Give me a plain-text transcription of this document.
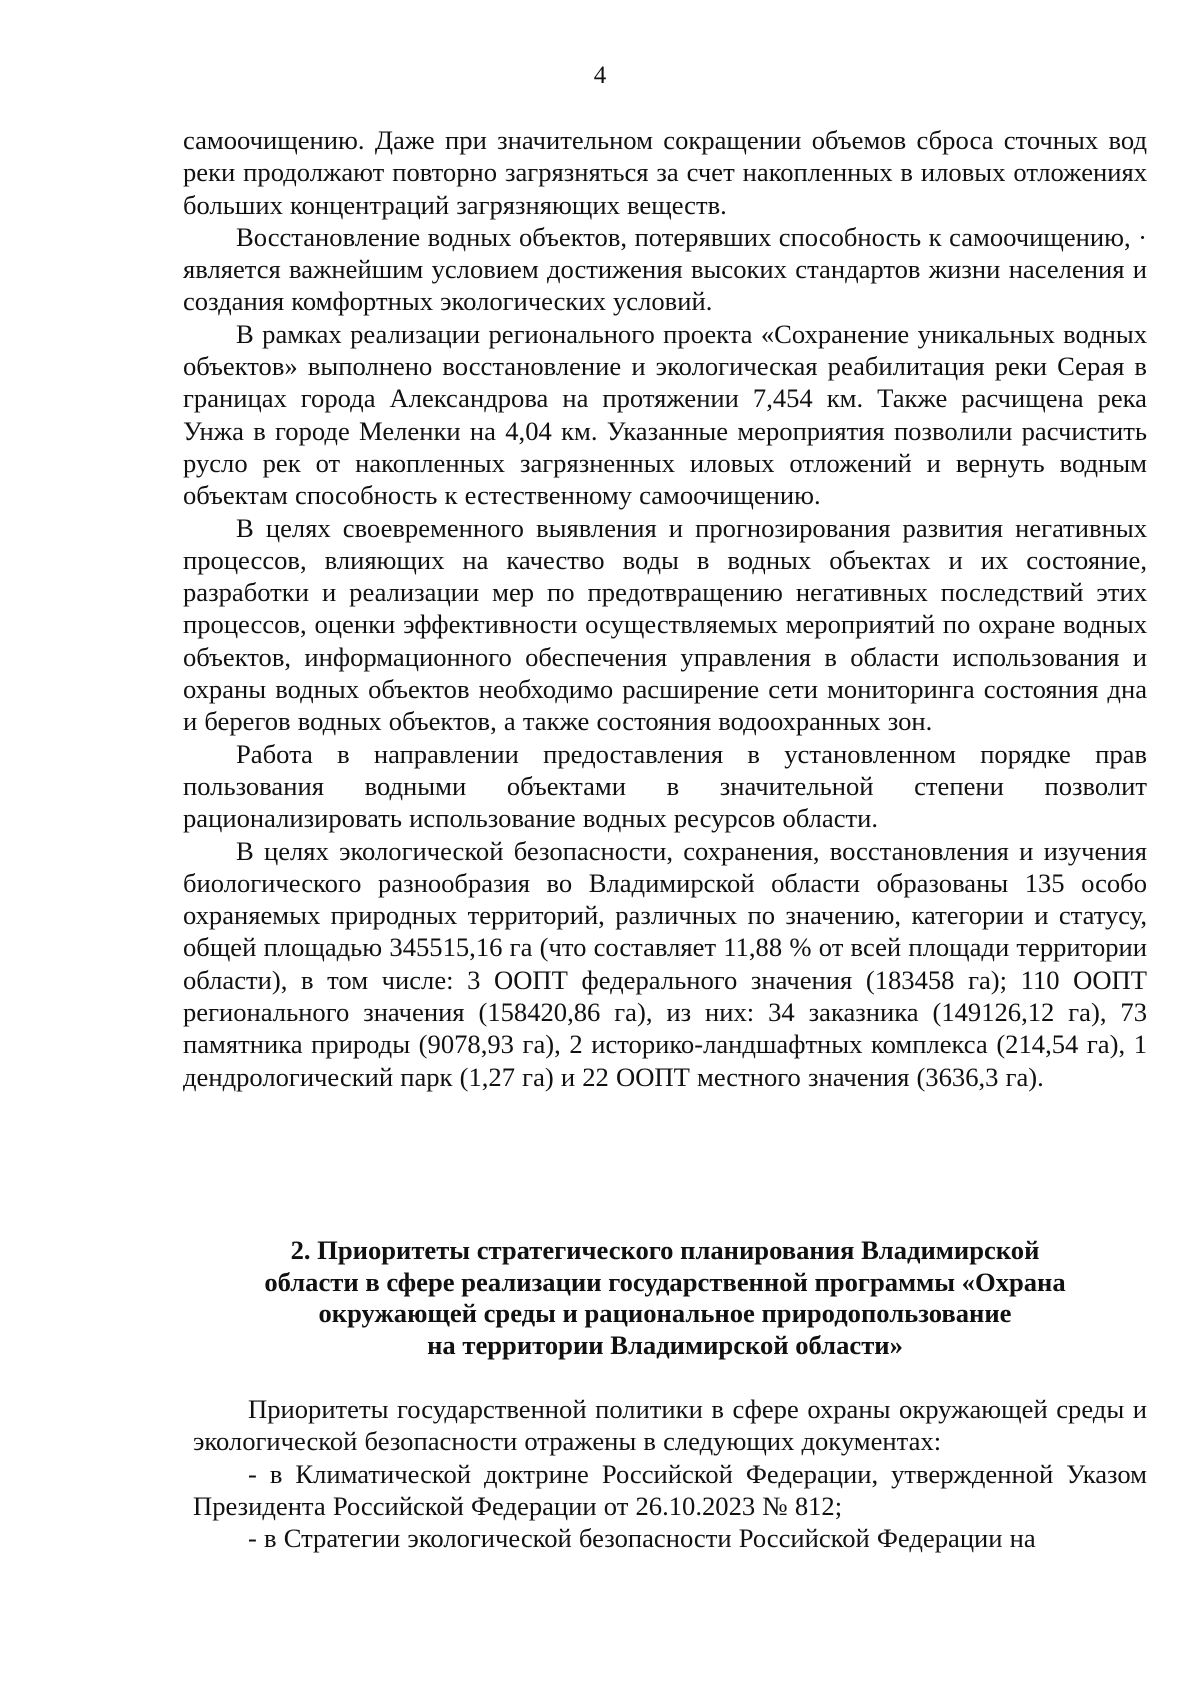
4

самоочищению. Даже при значительном сокращении объемов сброса сточных вод реки продолжают повторно загрязняться за счет накопленных в иловых отложениях больших концентраций загрязняющих веществ.

Восстановление водных объектов, потерявших способность к самоочищению, · является важнейшим условием достижения высоких стандартов жизни населения и создания комфортных экологических условий.

В рамках реализации регионального проекта «Сохранение уникальных водных объектов» выполнено восстановление и экологическая реабилитация реки Серая в границах города Александрова на протяжении 7,454 км. Также расчищена река Унжа в городе Меленки на 4,04 км. Указанные мероприятия позволили расчистить русло рек от накопленных загрязненных иловых отложений и вернуть водным объектам способность к естественному самоочищению.

В целях своевременного выявления и прогнозирования развития негативных процессов, влияющих на качество воды в водных объектах и их состояние, разработки и реализации мер по предотвращению негативных последствий этих процессов, оценки эффективности осуществляемых мероприятий по охране водных объектов, информационного обеспечения управления в области использования и охраны водных объектов необходимо расширение сети мониторинга состояния дна и берегов водных объектов, а также состояния водоохранных зон.

Работа в направлении предоставления в установленном порядке прав пользования водными объектами в значительной степени позволит рационализировать использование водных ресурсов области.

В целях экологической безопасности, сохранения, восстановления и изучения биологического разнообразия во Владимирской области образованы 135 особо охраняемых природных территорий, различных по значению, категории и статусу, общей площадью 345515,16 га (что составляет 11,88 % от всей площади территории области), в том числе: 3 ООПТ федерального значения (183458 га); 110 ООПТ регионального значения (158420,86 га), из них: 34 заказника (149126,12 га), 73 памятника природы (9078,93 га), 2 историко-ландшафтных комплекса (214,54 га), 1 дендрологический парк (1,27 га) и 22 ООПТ местного значения (3636,3 га).

2. Приоритеты стратегического планирования Владимирской
области в сфере реализации государственной программы «Охрана
окружающей среды и рациональное природопользование
на территории Владимирской области»

Приоритеты государственной политики в сфере охраны окружающей среды и экологической безопасности отражены в следующих документах:

- в Климатической доктрине Российской Федерации, утвержденной Указом Президента Российской Федерации от 26.10.2023 № 812;

- в Стратегии экологической безопасности Российской Федерации на
